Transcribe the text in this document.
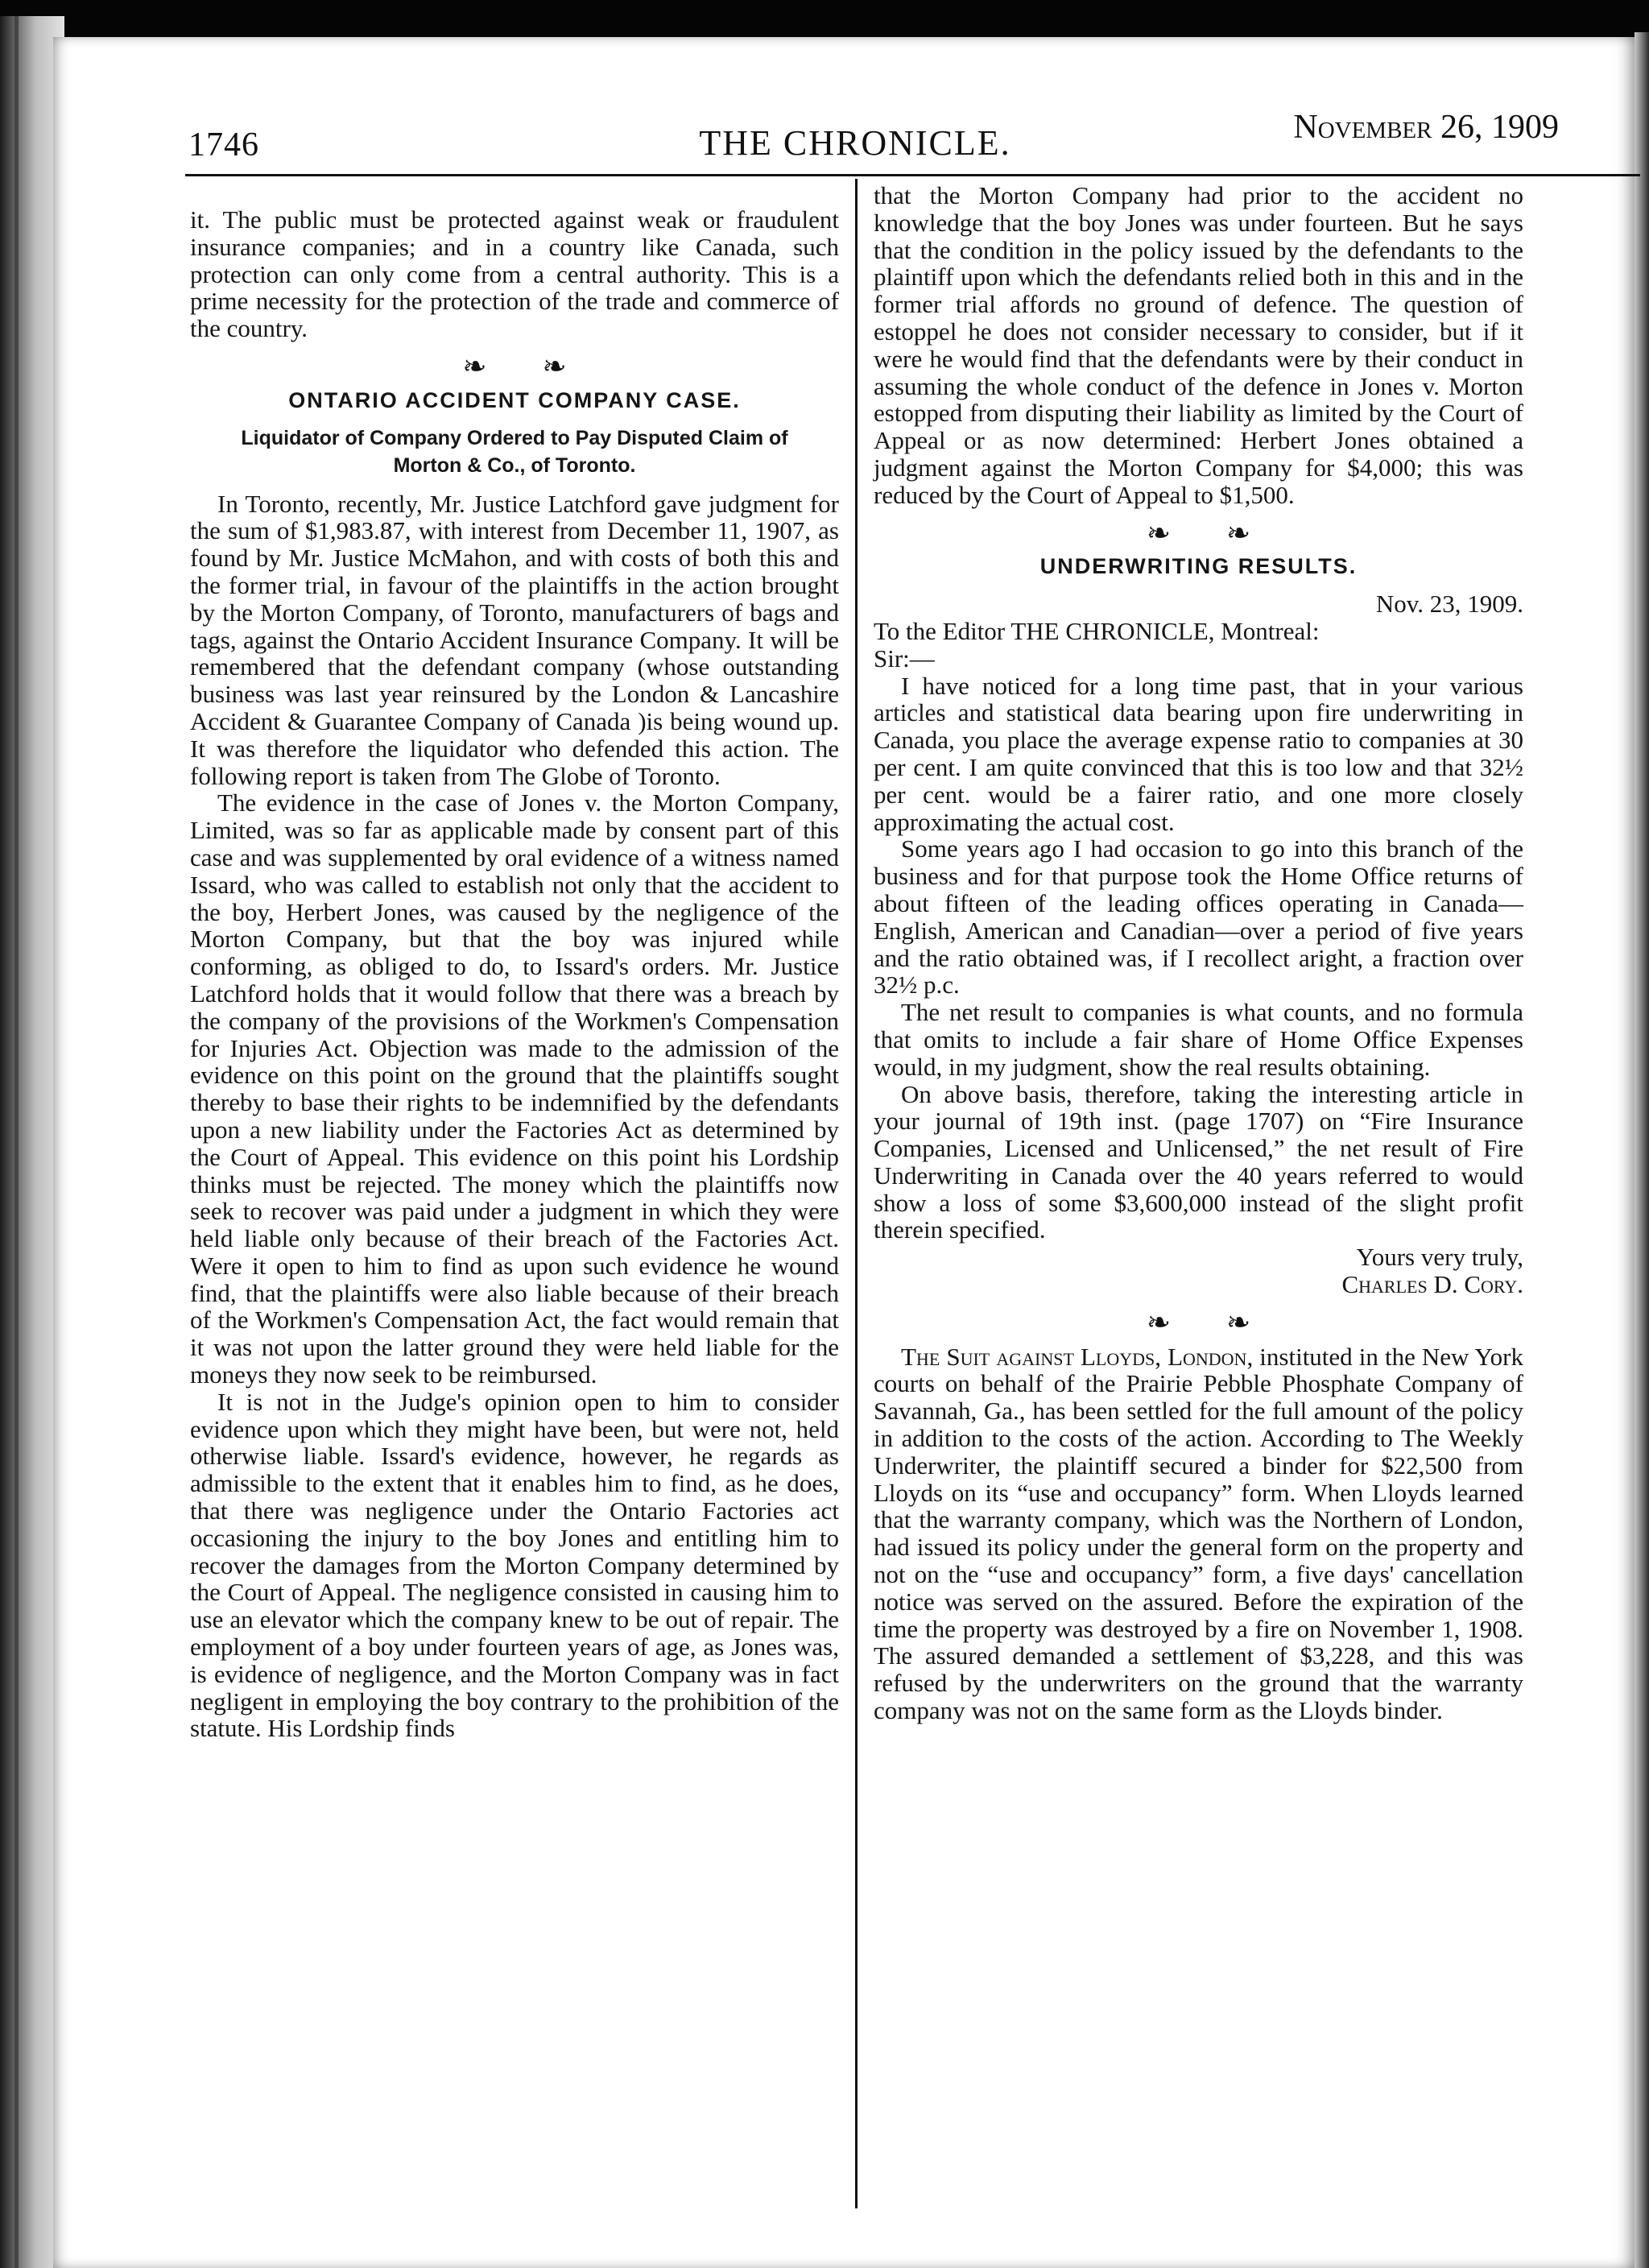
1746	THE CHRONICLE.	November 26, 1909

it. The public must be protected against weak or fraudulent insurance companies; and in a country like Canada, such protection can only come from a central authority. This is a prime necessity for the protection of the trade and commerce of the country.

❧ ❧
ONTARIO ACCIDENT COMPANY CASE.
Liquidator of Company Ordered to Pay Disputed Claim of Morton & Co., of Toronto.

In Toronto, recently, Mr. Justice Latchford gave judgment for the sum of $1,983.87, with interest from December 11, 1907, as found by Mr. Justice McMahon, and with costs of both this and the former trial, in favour of the plaintiffs in the action brought by the Morton Company, of Toronto, manufacturers of bags and tags, against the Ontario Accident Insurance Company. It will be remembered that the defendant company (whose outstanding business was last year reinsured by the London & Lancashire Accident & Guarantee Company of Canada )is being wound up. It was therefore the liquidator who defended this action. The following report is taken from The Globe of Toronto.

The evidence in the case of Jones v. the Morton Company, Limited, was so far as applicable made by consent part of this case and was supplemented by oral evidence of a witness named Issard, who was called to establish not only that the accident to the boy, Herbert Jones, was caused by the negligence of the Morton Company, but that the boy was injured while conforming, as obliged to do, to Issard's orders. Mr. Justice Latchford holds that it would follow that there was a breach by the company of the provisions of the Workmen's Compensation for Injuries Act. Objection was made to the admission of the evidence on this point on the ground that the plaintiffs sought thereby to base their rights to be indemnified by the defendants upon a new liability under the Factories Act as determined by the Court of Appeal. This evidence on this point his Lordship thinks must be rejected. The money which the plaintiffs now seek to recover was paid under a judgment in which they were held liable only because of their breach of the Factories Act. Were it open to him to find as upon such evidence he wound find, that the plaintiffs were also liable because of their breach of the Workmen's Compensation Act, the fact would remain that it was not upon the latter ground they were held liable for the moneys they now seek to be reimbursed.

It is not in the Judge's opinion open to him to consider evidence upon which they might have been, but were not, held otherwise liable. Issard's evidence, however, he regards as admissible to the extent that it enables him to find, as he does, that there was negligence under the Ontario Factories act occasioning the injury to the boy Jones and entitling him to recover the damages from the Morton Company determined by the Court of Appeal. The negligence consisted in causing him to use an elevator which the company knew to be out of repair. The employment of a boy under fourteen years of age, as Jones was, is evidence of negligence, and the Morton Company was in fact negligent in employing the boy contrary to the prohibition of the statute. His Lordship finds

that the Morton Company had prior to the accident no knowledge that the boy Jones was under fourteen. But he says that the condition in the policy issued by the defendants to the plaintiff upon which the defendants relied both in this and in the former trial affords no ground of defence. The question of estoppel he does not consider necessary to consider, but if it were he would find that the defendants were by their conduct in assuming the whole conduct of the defence in Jones v. Morton estopped from disputing their liability as limited by the Court of Appeal or as now determined: Herbert Jones obtained a judgment against the Morton Company for $4,000; this was reduced by the Court of Appeal to $1,500.

❧ ❧
UNDERWRITING RESULTS.

Nov. 23, 1909.

To the Editor THE CHRONICLE, Montreal:

Sir:—

I have noticed for a long time past, that in your various articles and statistical data bearing upon fire underwriting in Canada, you place the average expense ratio to companies at 30 per cent. I am quite convinced that this is too low and that 32½ per cent. would be a fairer ratio, and one more closely approximating the actual cost.

Some years ago I had occasion to go into this branch of the business and for that purpose took the Home Office returns of about fifteen of the leading offices operating in Canada—English, American and Canadian—over a period of five years and the ratio obtained was, if I recollect aright, a fraction over 32½ p.c.

The net result to companies is what counts, and no formula that omits to include a fair share of Home Office Expenses would, in my judgment, show the real results obtaining.

On above basis, therefore, taking the interesting article in your journal of 19th inst. (page 1707) on “Fire Insurance Companies, Licensed and Unlicensed,” the net result of Fire Underwriting in Canada over the 40 years referred to would show a loss of some $3,600,000 instead of the slight profit therein specified.

Yours very truly,

Charles D. Cory.

❧ ❧

The Suit against Lloyds, London, instituted in the New York courts on behalf of the Prairie Pebble Phosphate Company of Savannah, Ga., has been settled for the full amount of the policy in addition to the costs of the action. According to The Weekly Underwriter, the plaintiff secured a binder for $22,500 from Lloyds on its “use and occupancy” form. When Lloyds learned that the warranty company, which was the Northern of London, had issued its policy under the general form on the property and not on the “use and occupancy” form, a five days' cancellation notice was served on the assured. Before the expiration of the time the property was destroyed by a fire on November 1, 1908. The assured demanded a settlement of $3,228, and this was refused by the underwriters on the ground that the warranty company was not on the same form as the Lloyds binder.
